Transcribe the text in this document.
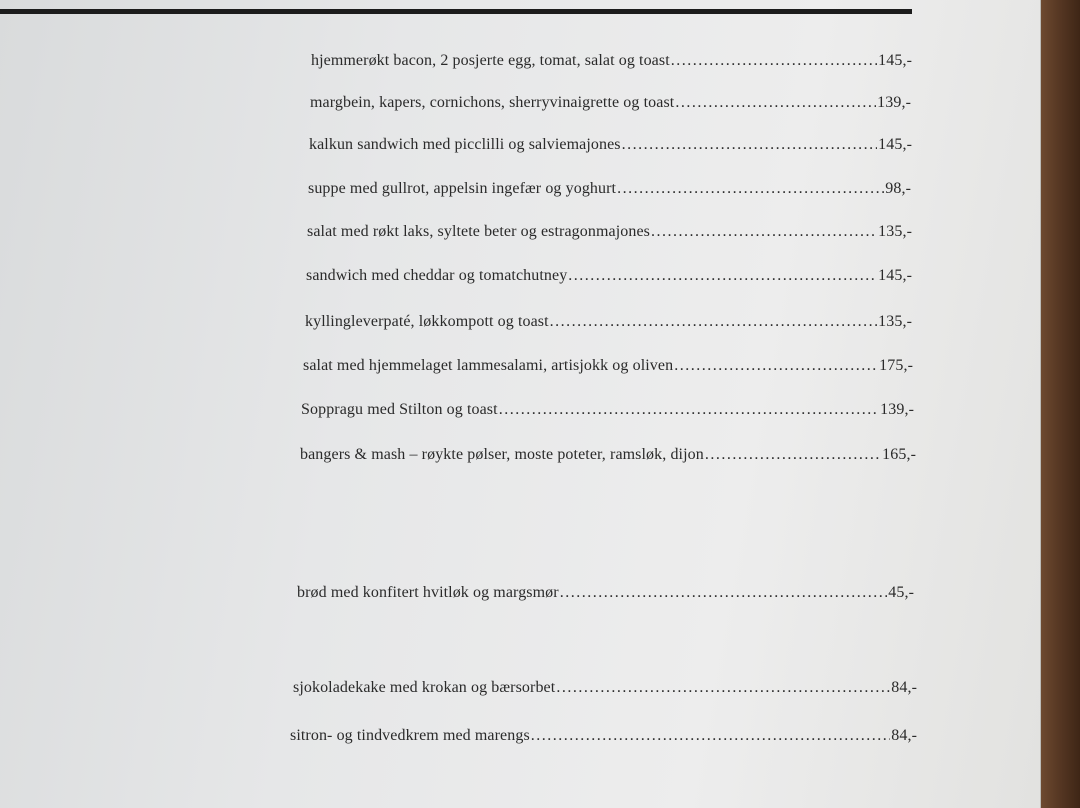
hjemmerøkt bacon, 2 posjerte egg, tomat, salat og toast .....	145,-
margbein, kapers, cornichons, sherryvinaigrette og toast .....	139,-
kalkun sandwich med picclilli og salviemajones .....	145,-
suppe med gullrot, appelsin ingefær og yoghurt .....	98,-
salat med røkt laks, syltete beter og estragonmajones .....	135,-
sandwich med cheddar og tomatchutney .....	145,-
kyllingleverpaté, løkkompott og toast .....	135,-
salat med hjemmelaget lammesalami, artisjokk og oliven .....	175,-
Soppragu med Stilton og toast .....	139,-
bangers & mash – røykte pølser, moste poteter, ramsløk, dijon .....	165,-
brød med konfitert hvitløk og margsmør .....	45,-
sjokoladekake med krokan og bærsorbet .....	84,-
sitron- og tindvedkrem med marengs .....	84,-
